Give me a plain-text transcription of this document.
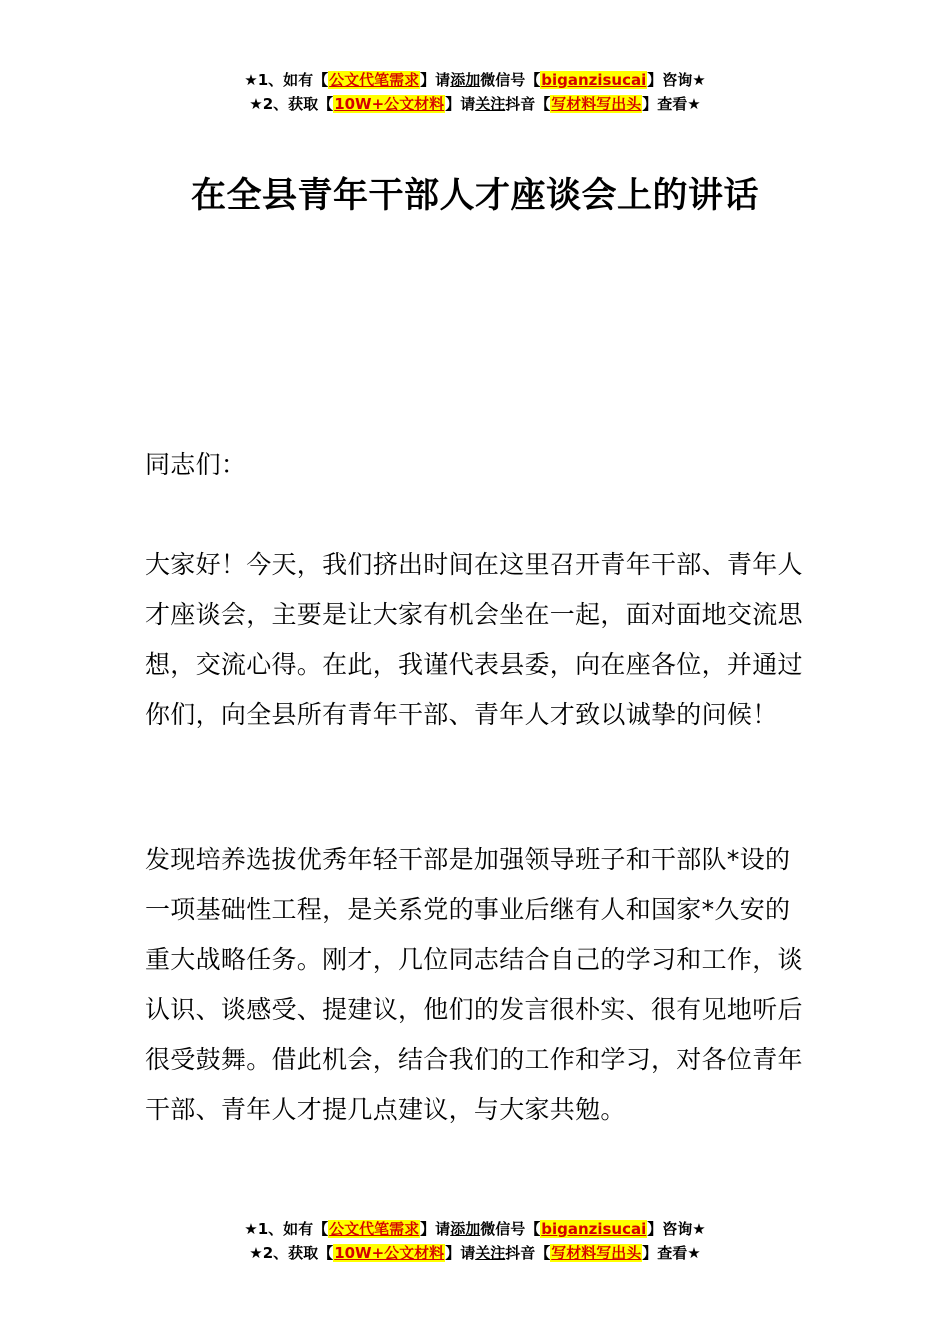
★1、如有【公文代笔需求】请添加微信号【biganzisucai】咨询★
★2、获取【10W+公文材料】请关注抖音【写材料写出头】查看★
在全县青年干部人才座谈会上的讲话

同志们：

大家好！今天，我们挤出时间在这里召开青年干部、青年人才座谈会，主要是让大家有机会坐在一起，面对面地交流思想，交流心得。在此，我谨代表县委，向在座各位，并通过你们，向全县所有青年干部、青年人才致以诚挚的问候！

发现培养选拔优秀年轻干部是加强领导班子和干部队*设的一项基础性工程，是关系党的事业后继有人和国家*久安的重大战略任务。刚才，几位同志结合自己的学习和工作，谈认识、谈感受、提建议，他们的发言很朴实、很有见地听后很受鼓舞。借此机会，结合我们的工作和学习，对各位青年干部、青年人才提几点建议，与大家共勉。

★1、如有【公文代笔需求】请添加微信号【biganzisucai】咨询★
★2、获取【10W+公文材料】请关注抖音【写材料写出头】查看★
